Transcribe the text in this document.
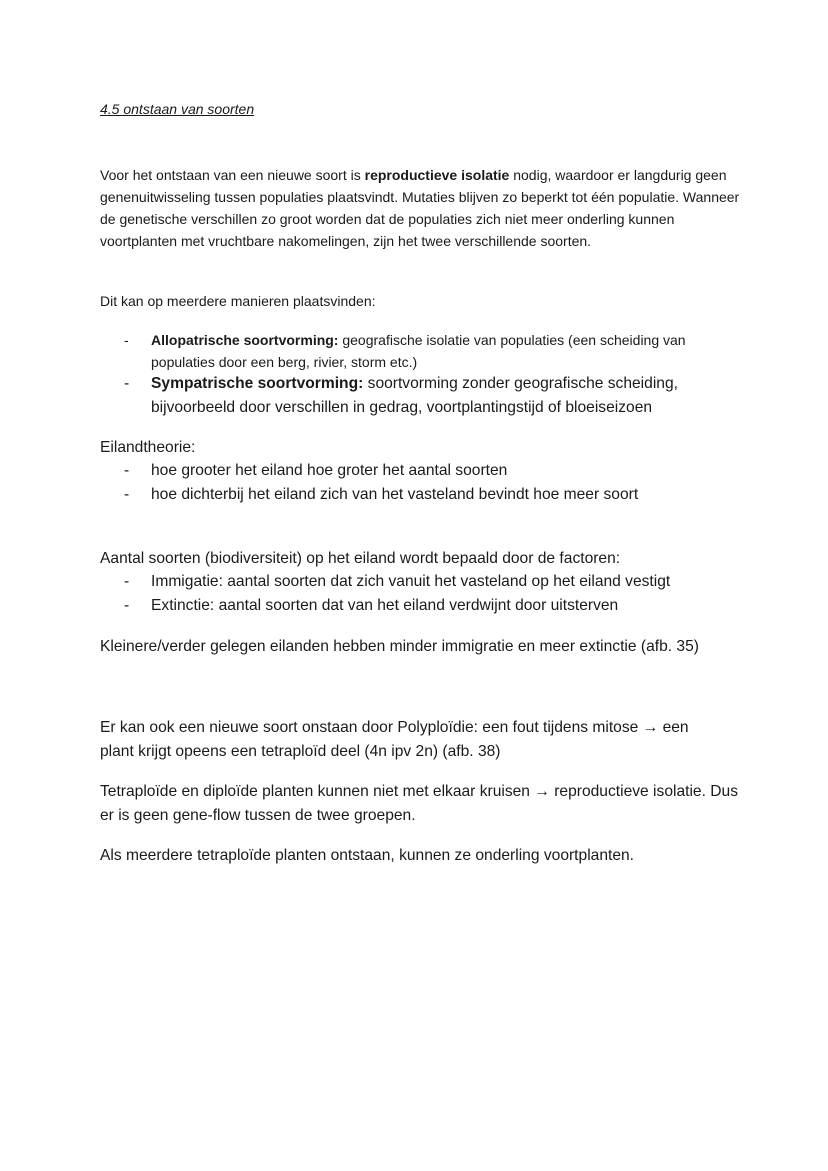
4.5 ontstaan van soorten

Voor het ontstaan van een nieuwe soort is reproductieve isolatie nodig, waardoor er langdurig geen genenuitwisseling tussen populaties plaatsvindt. Mutaties blijven zo beperkt tot één populatie. Wanneer de genetische verschillen zo groot worden dat de populaties zich niet meer onderling kunnen voortplanten met vruchtbare nakomelingen, zijn het twee verschillende soorten.

Dit kan op meerdere manieren plaatsvinden:
- Allopatrische soortvorming: geografische isolatie van populaties (een scheiding van populaties door een berg, rivier, storm etc.)
- Sympatrische soortvorming: soortvorming zonder geografische scheiding, bijvoorbeeld door verschillen in gedrag, voortplantingstijd of bloeiseizoen
Eilandtheorie:
- hoe grooter het eiland hoe groter het aantal soorten
- hoe dichterbij het eiland zich van het vasteland bevindt hoe meer soort
Aantal soorten (biodiversiteit) op het eiland wordt bepaald door de factoren:
- Immigatie: aantal soorten dat zich vanuit het vasteland op het eiland vestigt
- Extinctie: aantal soorten dat van het eiland verdwijnt door uitsterven
Kleinere/verder gelegen eilanden hebben minder immigratie en meer extinctie (afb. 35)
Er kan ook een nieuwe soort onstaan door Polyploïdie: een fout tijdens mitose → een plant krijgt opeens een tetraploïd deel (4n ipv 2n) (afb. 38)
Tetraploïde en diploïde planten kunnen niet met elkaar kruisen → reproductieve isolatie. Dus er is geen gene-flow tussen de twee groepen.
Als meerdere tetraploïde planten ontstaan, kunnen ze onderling voortplanten.
